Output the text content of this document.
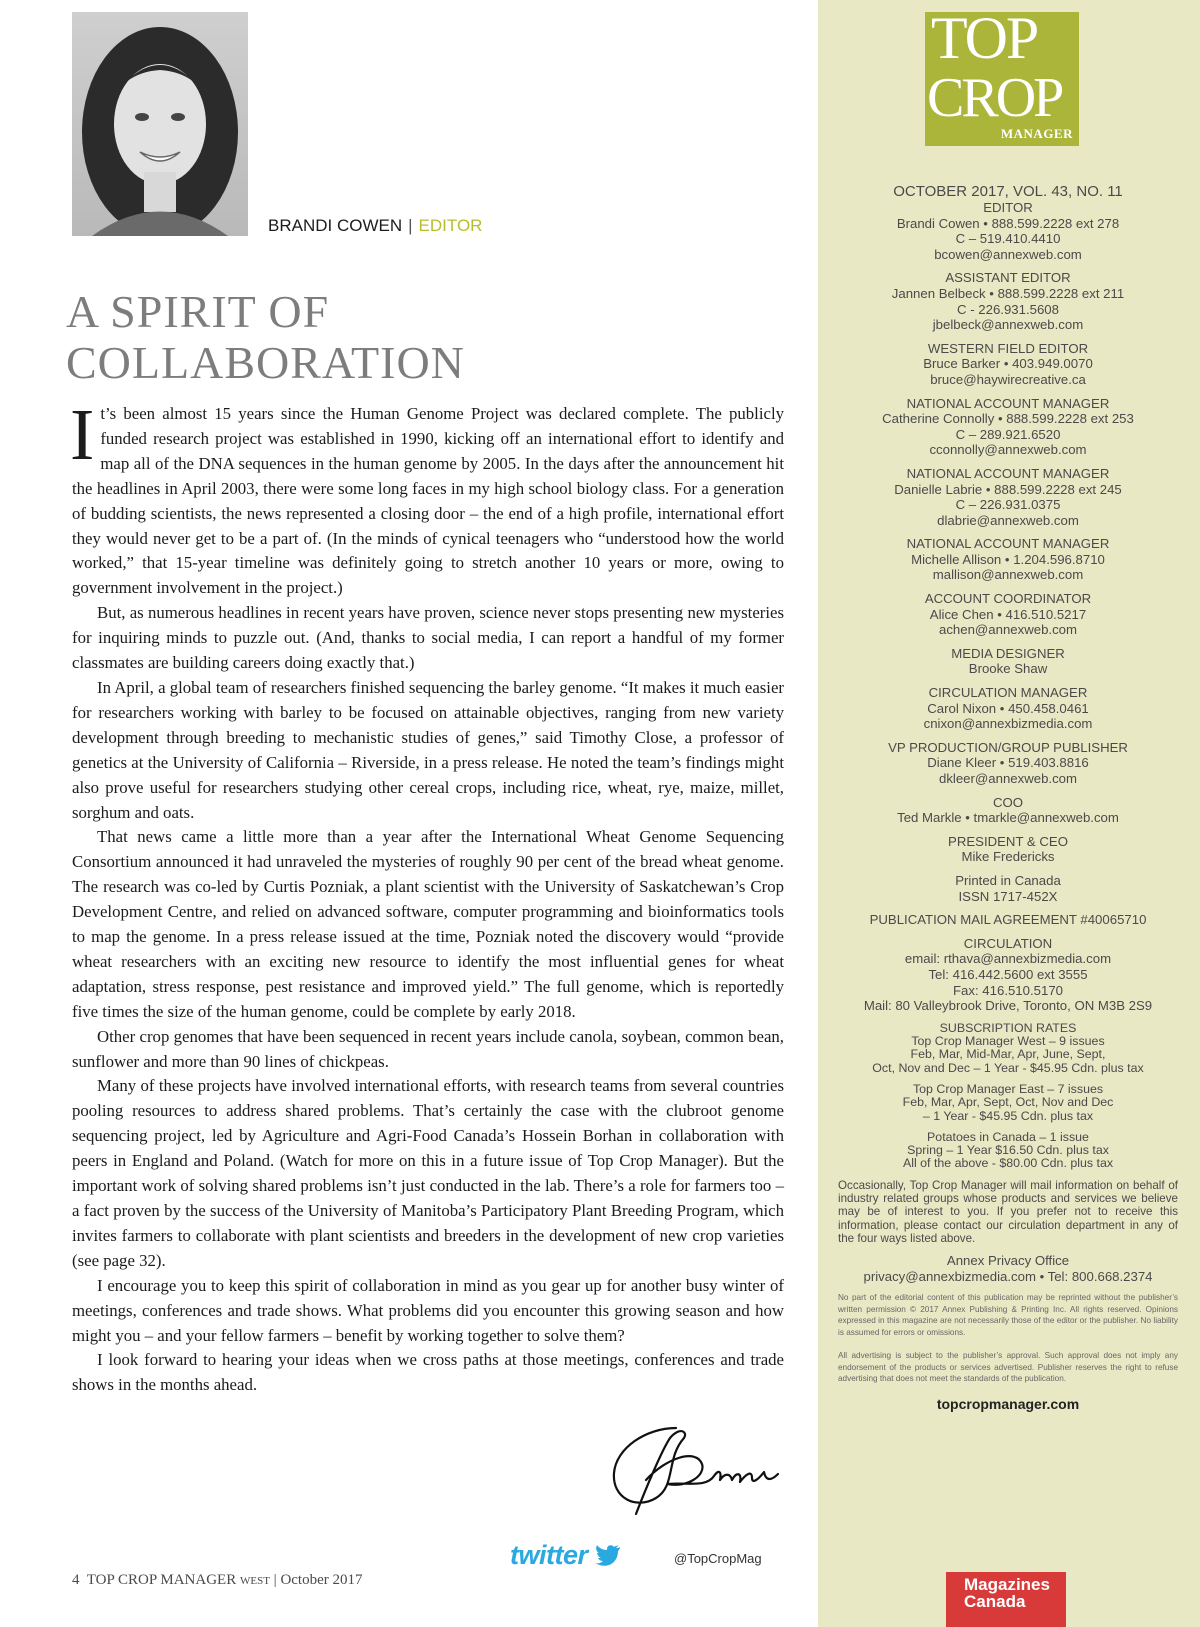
BRANDI COWEN | EDITOR
A SPIRIT OF
COLLABORATION

It’s been almost 15 years since the Human Genome Project was declared complete. The publicly funded research project was established in 1990, kicking off an international effort to identify and map all of the DNA sequences in the human genome by 2005. In the days after the announcement hit the headlines in April 2003, there were some long faces in my high school biology class. For a generation of budding scientists, the news represented a closing door – the end of a high profile, international effort they would never get to be a part of. (In the minds of cynical teenagers who “understood how the world worked,” that 15-year timeline was definitely going to stretch another 10 years or more, owing to government involvement in the project.)

But, as numerous headlines in recent years have proven, science never stops presenting new mysteries for inquiring minds to puzzle out. (And, thanks to social media, I can report a handful of my former classmates are building careers doing exactly that.)

In April, a global team of researchers finished sequencing the barley genome. “It makes it much easier for researchers working with barley to be focused on attainable objectives, ranging from new variety development through breeding to mechanistic studies of genes,” said Timothy Close, a professor of genetics at the University of California – Riverside, in a press release. He noted the team’s findings might also prove useful for researchers studying other cereal crops, including rice, wheat, rye, maize, millet, sorghum and oats.

That news came a little more than a year after the International Wheat Genome Sequencing Consortium announced it had unraveled the mysteries of roughly 90 per cent of the bread wheat genome. The research was co-led by Curtis Pozniak, a plant scientist with the University of Saskatchewan’s Crop Development Centre, and relied on advanced software, computer programming and bioinformatics tools to map the genome. In a press release issued at the time, Pozniak noted the discovery would “provide wheat researchers with an exciting new resource to identify the most influential genes for wheat adaptation, stress response, pest resistance and improved yield.” The full genome, which is reportedly five times the size of the human genome, could be complete by early 2018.

Other crop genomes that have been sequenced in recent years include canola, soybean, common bean, sunflower and more than 90 lines of chickpeas.

Many of these projects have involved international efforts, with research teams from several countries pooling resources to address shared problems. That’s certainly the case with the clubroot genome sequencing project, led by Agriculture and Agri-Food Canada’s Hossein Borhan in collaboration with peers in England and Poland. (Watch for more on this in a future issue of Top Crop Manager). But the important work of solving shared problems isn’t just conducted in the lab. There’s a role for farmers too – a fact proven by the success of the University of Manitoba’s Participatory Plant Breeding Program, which invites farmers to collaborate with plant scientists and breeders in the development of new crop varieties (see page 32).

I encourage you to keep this spirit of collaboration in mind as you gear up for another busy winter of meetings, conferences and trade shows. What problems did you encounter this growing season and how might you – and your fellow farmers – benefit by working together to solve them?

I look forward to hearing your ideas when we cross paths at those meetings, conferences and trade shows in the months ahead.

twitter	@TopCropMag
4 TOP CROP MANAGER WEST | October 2017
TOP
CROP
MANAGER
OCTOBER 2017, VOL. 43, NO. 11
EDITOR
Brandi Cowen • 888.599.2228 ext 278
C – 519.410.4410
bcowen@annexweb.com
ASSISTANT EDITOR
Jannen Belbeck • 888.599.2228 ext 211
C - 226.931.5608
jbelbeck@annexweb.com
WESTERN FIELD EDITOR
Bruce Barker • 403.949.0070
bruce@haywirecreative.ca
NATIONAL ACCOUNT MANAGER
Catherine Connolly • 888.599.2228 ext 253
C – 289.921.6520
cconnolly@annexweb.com
NATIONAL ACCOUNT MANAGER
Danielle Labrie • 888.599.2228 ext 245
C – 226.931.0375
dlabrie@annexweb.com
NATIONAL ACCOUNT MANAGER
Michelle Allison • 1.204.596.8710
mallison@annexweb.com
ACCOUNT COORDINATOR
Alice Chen • 416.510.5217
achen@annexweb.com
MEDIA DESIGNER
Brooke Shaw
CIRCULATION MANAGER
Carol Nixon • 450.458.0461
cnixon@annexbizmedia.com
VP PRODUCTION/GROUP PUBLISHER
Diane Kleer • 519.403.8816
dkleer@annexweb.com
COO
Ted Markle • tmarkle@annexweb.com
PRESIDENT & CEO
Mike Fredericks
Printed in Canada
ISSN 1717-452X
PUBLICATION MAIL AGREEMENT #40065710
CIRCULATION
email: rthava@annexbizmedia.com
Tel: 416.442.5600 ext 3555
Fax: 416.510.5170
Mail: 80 Valleybrook Drive, Toronto, ON M3B 2S9
SUBSCRIPTION RATES
Top Crop Manager West – 9 issues
Feb, Mar, Mid-Mar, Apr, June, Sept,
Oct, Nov and Dec – 1 Year - $45.95 Cdn. plus tax
Top Crop Manager East – 7 issues
Feb, Mar, Apr, Sept, Oct, Nov and Dec
– 1 Year - $45.95 Cdn. plus tax
Potatoes in Canada – 1 issue
Spring – 1 Year $16.50 Cdn. plus tax
All of the above - $80.00 Cdn. plus tax
Occasionally, Top Crop Manager will mail information on behalf of industry related groups whose products and services we believe may be of interest to you. If you prefer not to receive this information, please contact our circulation department in any of the four ways listed above.
Annex Privacy Office
privacy@annexbizmedia.com • Tel: 800.668.2374
No part of the editorial content of this publication may be reprinted without the publisher’s written permission © 2017 Annex Publishing & Printing Inc. All rights reserved. Opinions expressed in this magazine are not necessarily those of the editor or the publisher. No liability is assumed for errors or omissions.
All advertising is subject to the publisher’s approval. Such approval does not imply any endorsement of the products or services advertised. Publisher reserves the right to refuse advertising that does not meet the standards of the publication.
topcropmanager.com
Magazines
Canada
